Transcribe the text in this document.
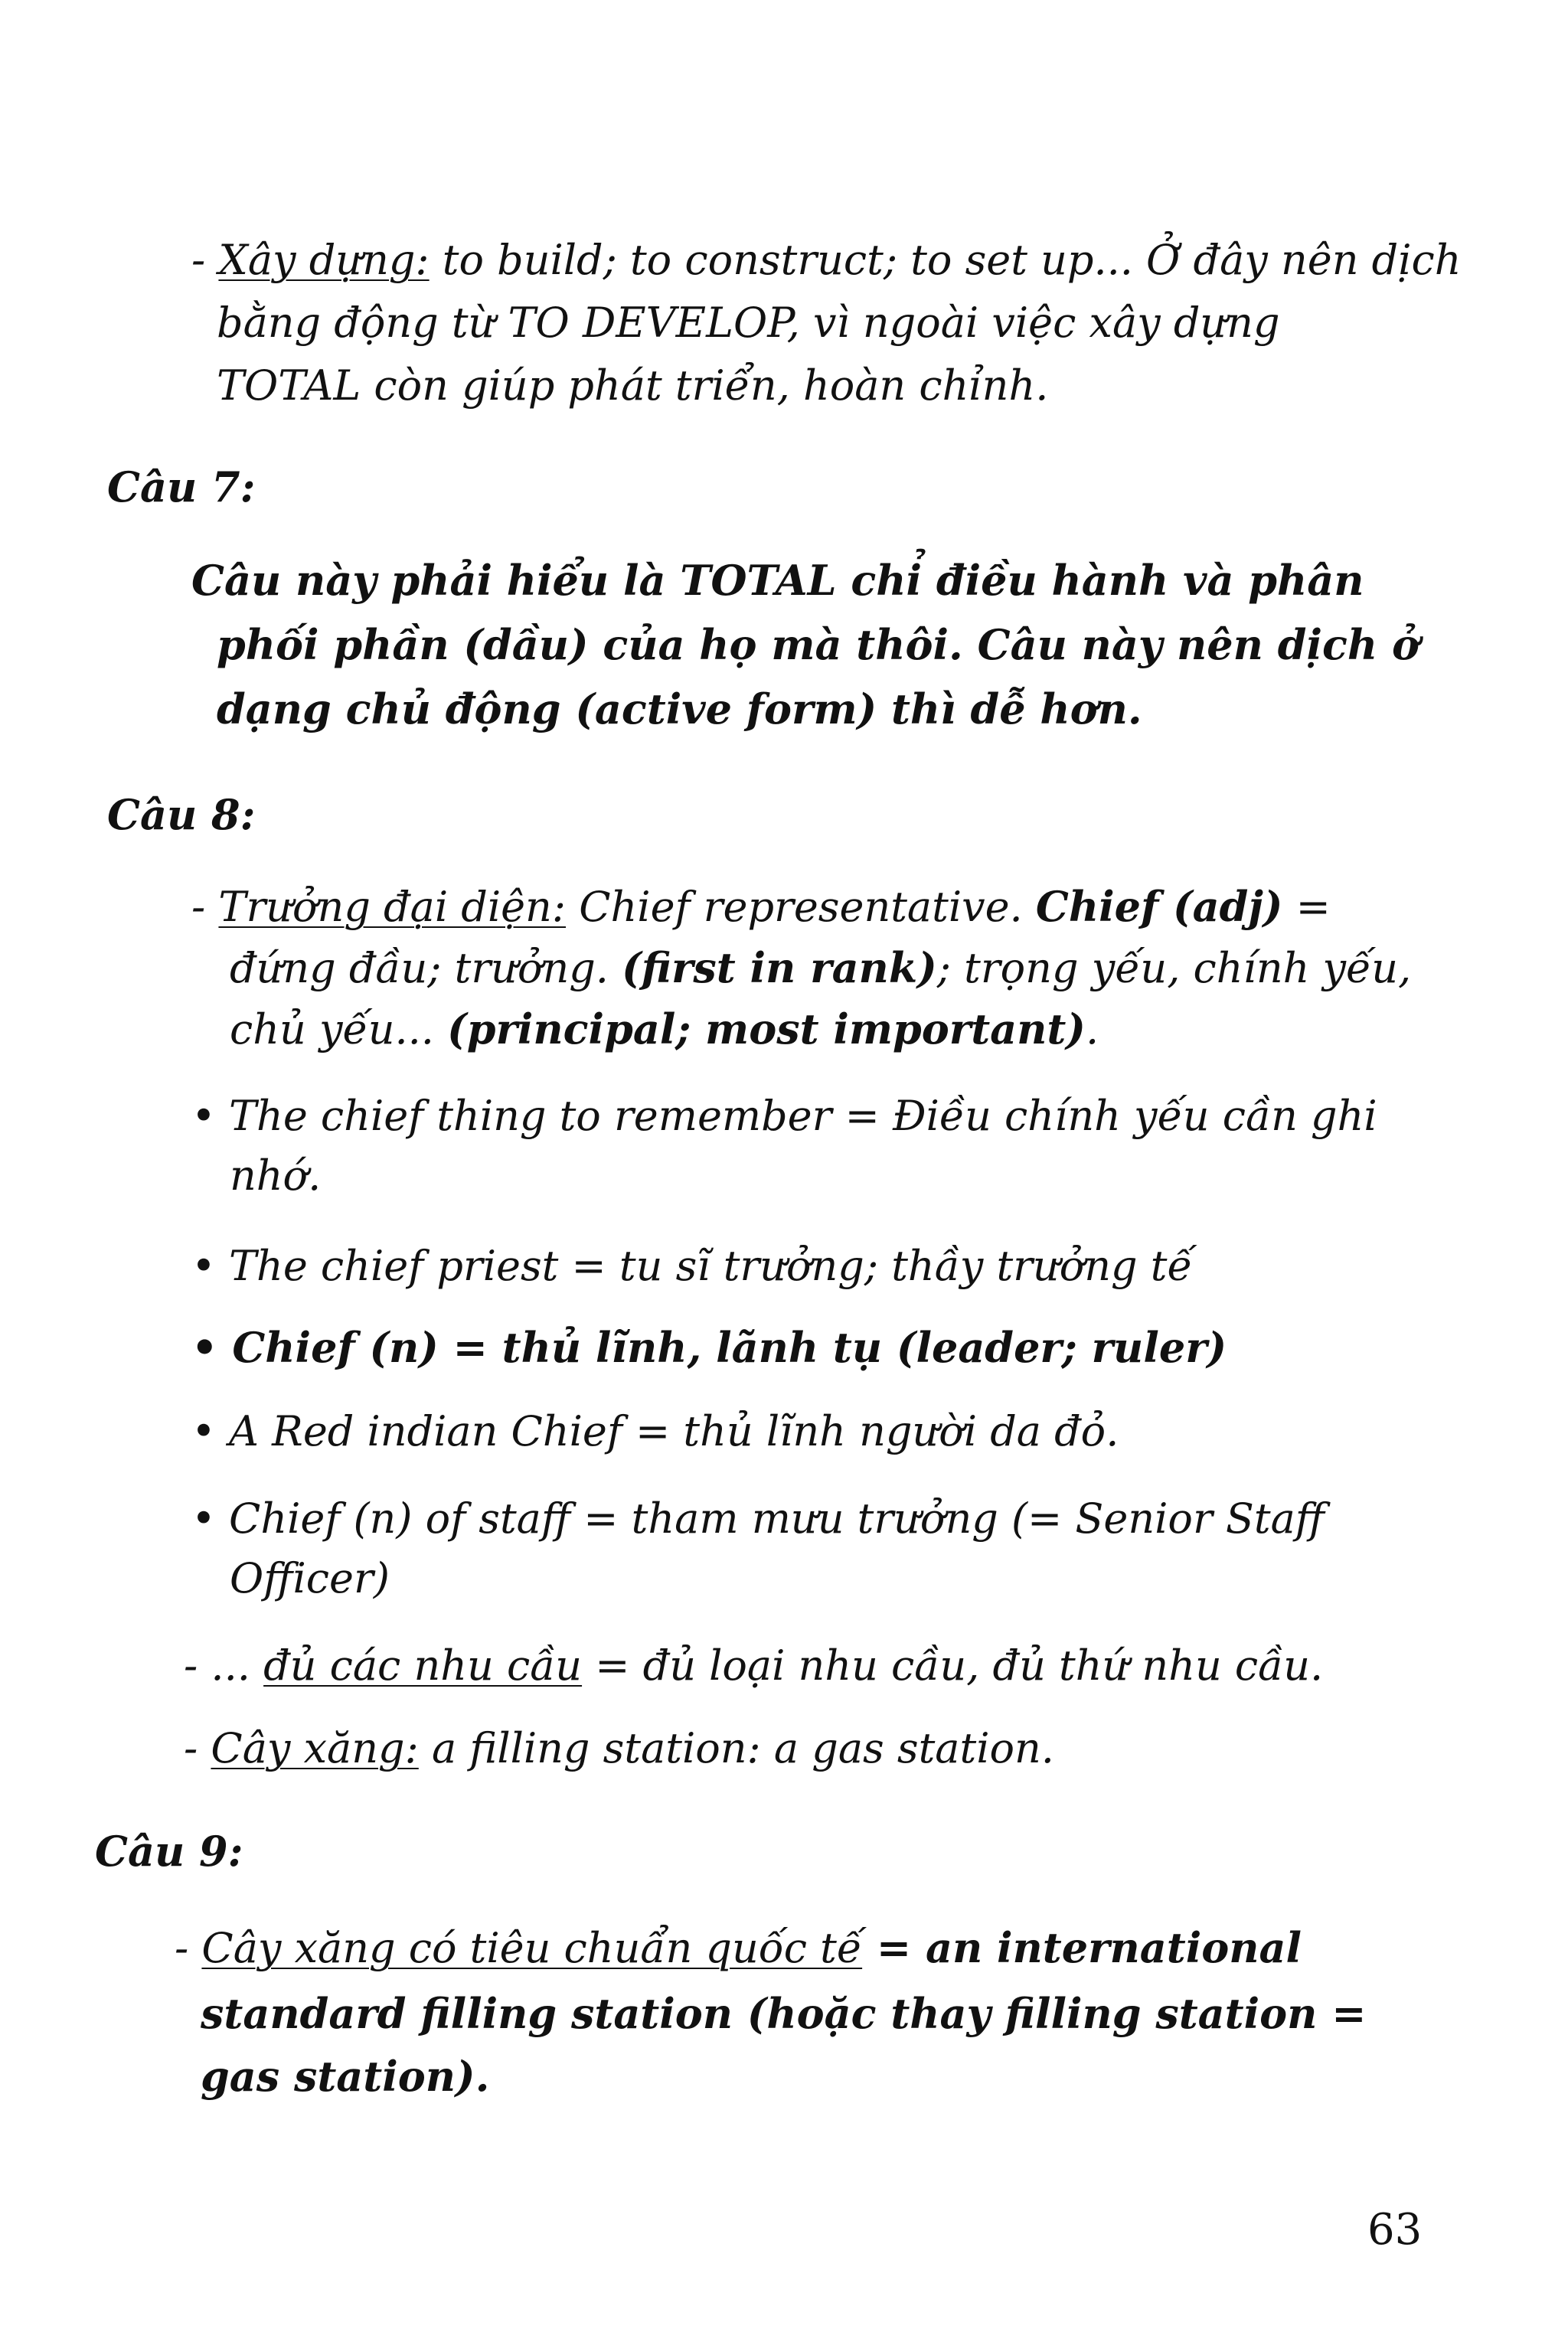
- Xây dựng: to build; to construct; to set up... Ở đây nên dịch
bằng động từ TO DEVELOP, vì ngoài việc xây dựng
TOTAL còn giúp phát triển, hoàn chỉnh.
Câu 7:
Câu này phải hiểu là TOTAL chỉ điều hành và phân
phối phần (dầu) của họ mà thôi. Câu này nên dịch ở
dạng chủ động (active form) thì dễ hơn.
Câu 8:
- Trưởng đại diện: Chief representative. Chief (adj) =
đứng đầu; trưởng. (first in rank); trọng yếu, chính yếu,
chủ yếu... (principal; most important).
• The chief thing to remember = Điều chính yếu cần ghi
nhớ.
• The chief priest = tu sĩ trưởng; thầy trưởng tế
• Chief (n) = thủ lĩnh, lãnh tụ (leader; ruler)
• A Red indian Chief = thủ lĩnh người da đỏ.
• Chief (n) of staff = tham mưu trưởng (= Senior Staff
Officer)
- ... đủ các nhu cầu = đủ loại nhu cầu, đủ thứ nhu cầu.
- Cây xăng: a filling station: a gas station.
Câu 9:
- Cây xăng có tiêu chuẩn quốc tế = an international
standard filling station (hoặc thay filling station =
gas station).
63
